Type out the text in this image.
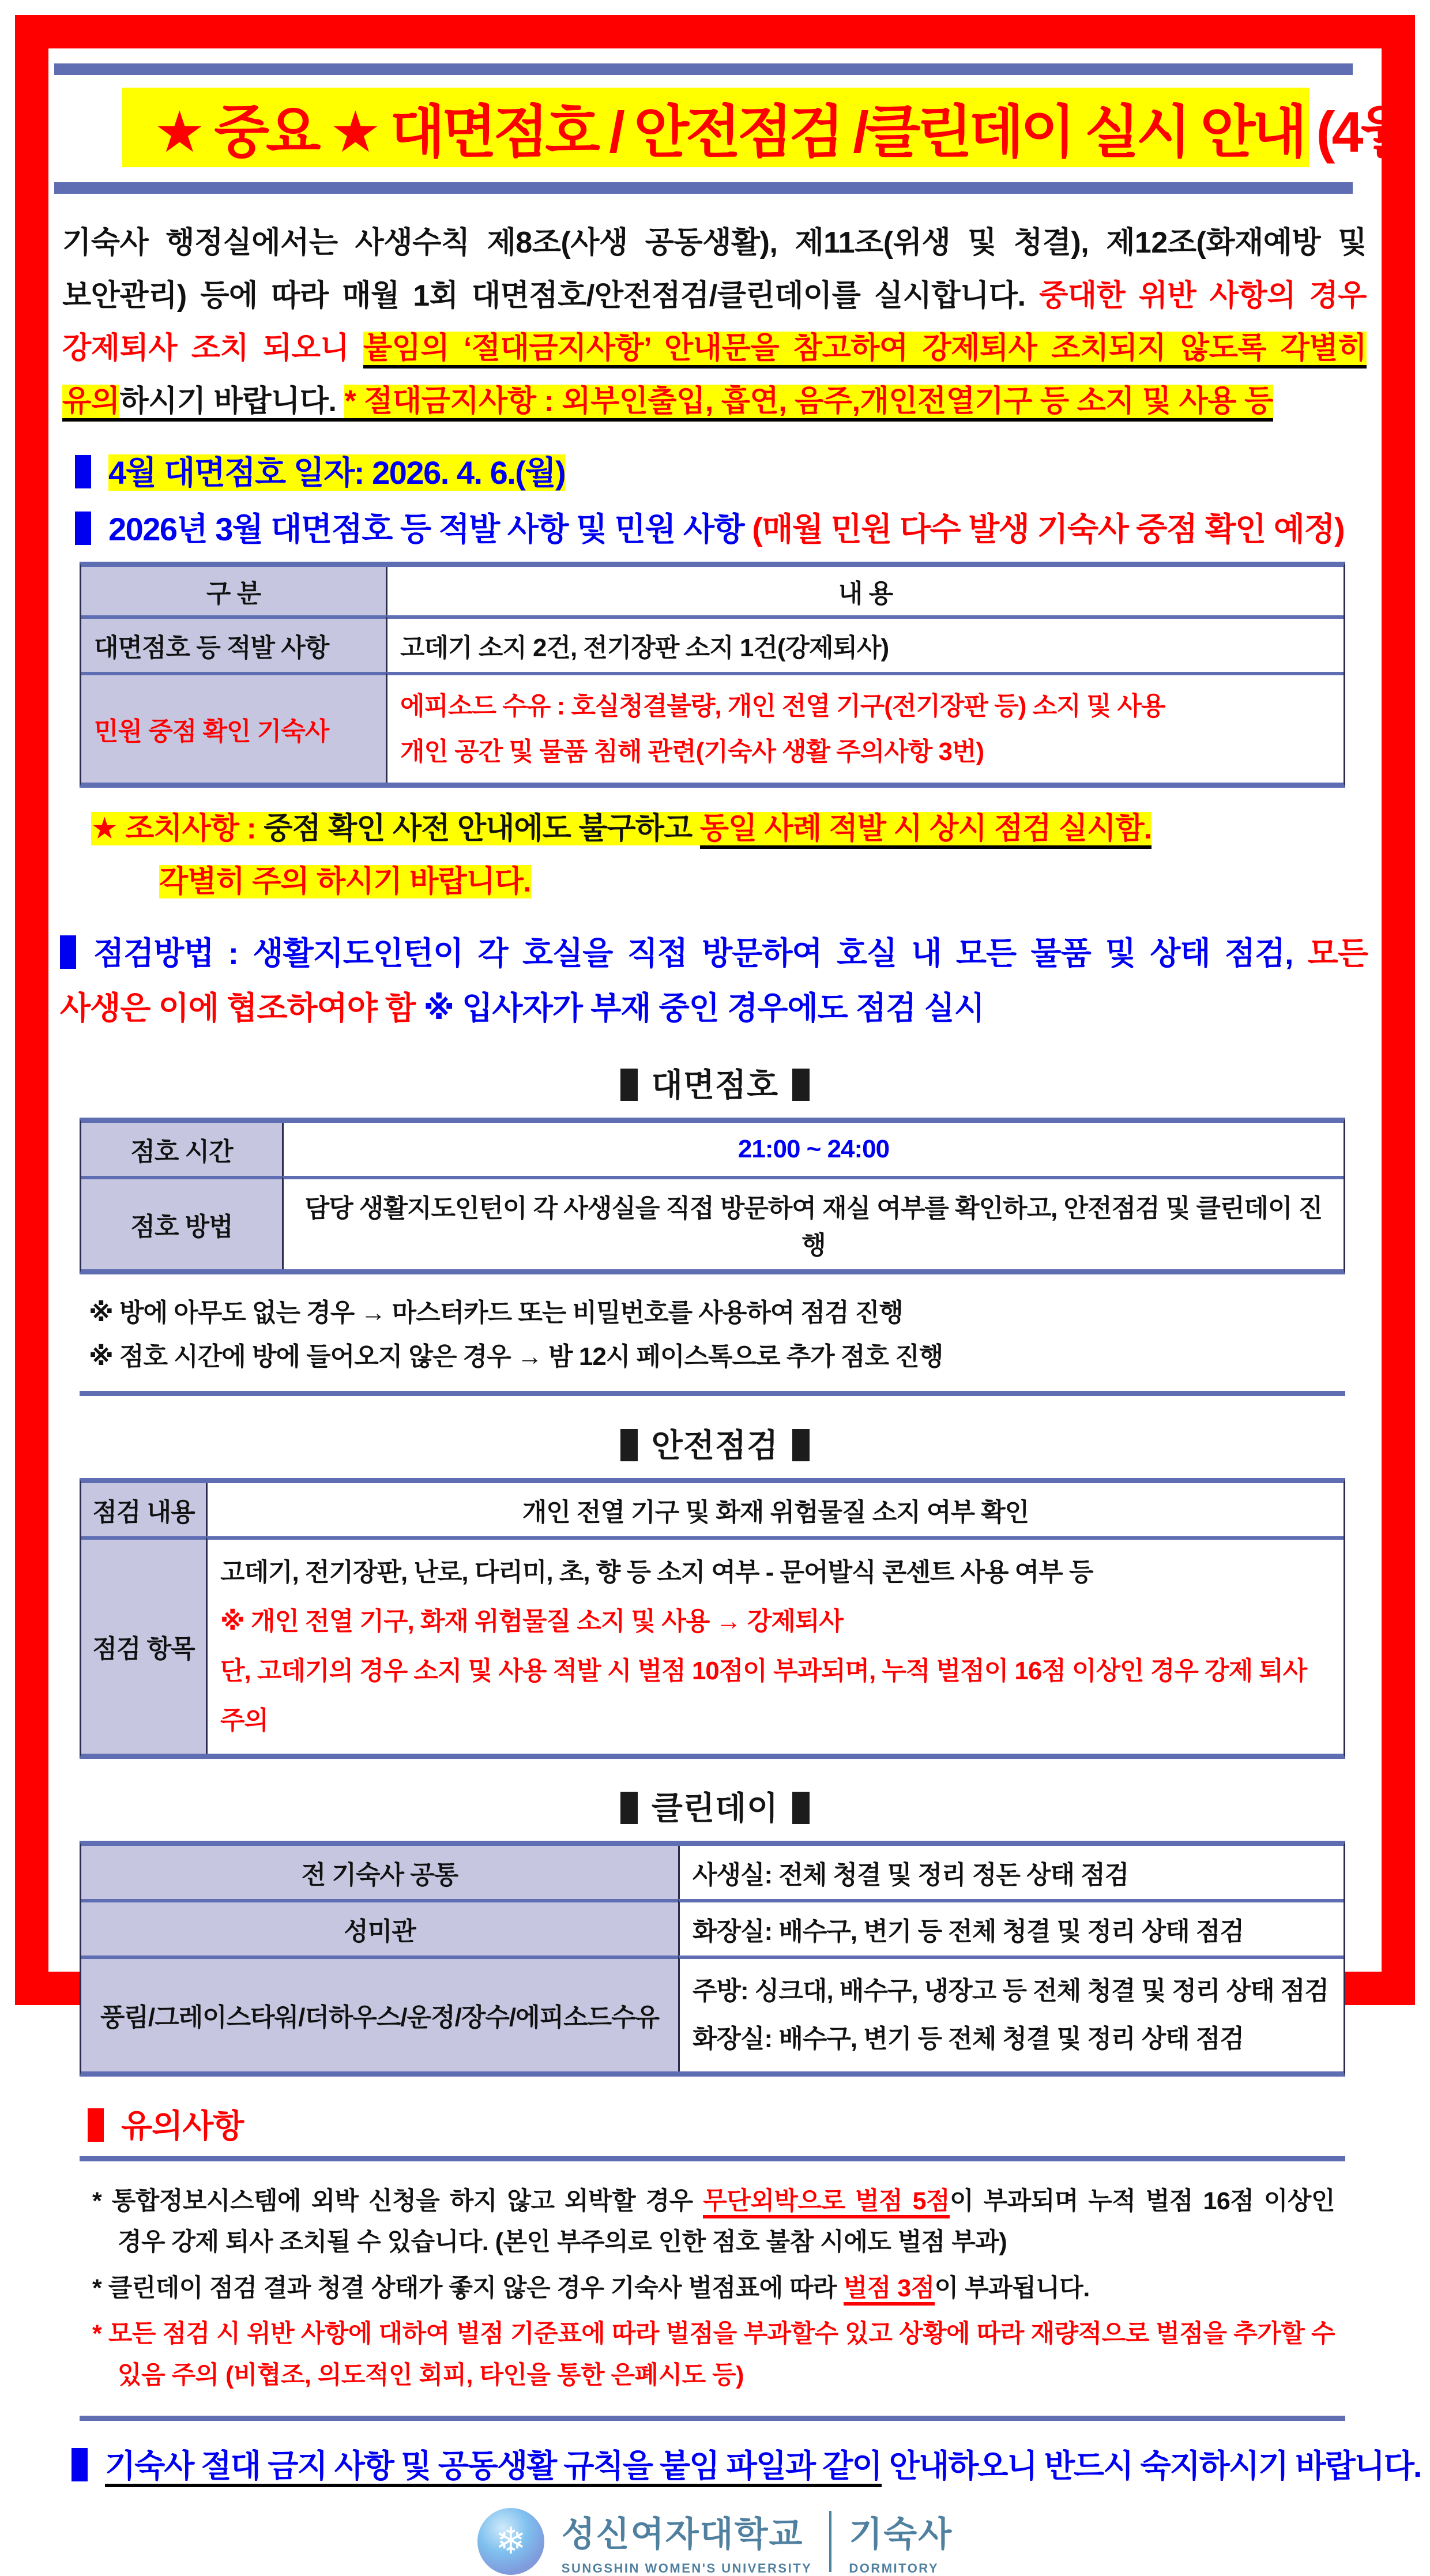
★ 중요 ★ 대면점호 / 안전점검 /클린데이 실시 안내 (4월

기숙사 행정실에서는 사생수칙 제8조(사생 공동생활), 제11조(위생 및 청결), 제12조(화재예방 및 보안관리) 등에 따라 매월 1회 대면점호/안전점검/클린데이를 실시합니다. 중대한 위반 사항의 경우 강제퇴사 조치 되오니 붙임의 ‘절대금지사항’ 안내문을 참고하여 강제퇴사 조치되지 않도록 각별히 유의하시기 바랍니다. * 절대금지사항 : 외부인출입, 흡연, 음주,개인전열기구 등 소지 및 사용 등

4월 대면점호 일자: 2026. 4. 6.(월)
2026년 3월 대면점호 등 적발 사항 및 민원 사항 (매월 민원 다수 발생 기숙사 중점 확인 예정)
구 분	내 용
대면점호 등 적발 사항	고데기 소지 2건, 전기장판 소지 1건(강제퇴사)
민원 중점 확인 기숙사	에피소드 수유 : 호실청결불량, 개인 전열 기구(전기장판 등) 소지 및 사용
개인 공간 및 물품 침해 관련(기숙사 생활 주의사항 3번)
★ 조치사항 : 중점 확인 사전 안내에도 불구하고 동일 사례 적발 시 상시 점검 실시함.
각별히 주의 하시기 바랍니다.
점검방법 : 생활지도인턴이 각 호실을 직접 방문하여 호실 내 모든 물품 및 상태 점검, 모든 사생은 이에 협조하여야 함 ※ 입사자가 부재 중인 경우에도 점검 실시
대면점호
점호 시간	21:00 ~ 24:00
점호 방법	담당 생활지도인턴이 각 사생실을 직접 방문하여 재실 여부를 확인하고, 안전점검 및 클린데이 진행
※ 방에 아무도 없는 경우 → 마스터카드 또는 비밀번호를 사용하여 점검 진행
※ 점호 시간에 방에 들어오지 않은 경우 → 밤 12시 페이스톡으로 추가 점호 진행
안전점검
점검 내용	개인 전열 기구 및 화재 위험물질 소지 여부 확인
점검 항목	고데기, 전기장판, 난로, 다리미, 초, 향 등 소지 여부 - 문어발식 콘센트 사용 여부 등
※ 개인 전열 기구, 화재 위험물질 소지 및 사용 → 강제퇴사
단, 고데기의 경우 소지 및 사용 적발 시 벌점 10점이 부과되며, 누적 벌점이 16점 이상인 경우 강제 퇴사 주의
클린데이
전 기숙사 공통	사생실: 전체 청결 및 정리 정돈 상태 점검
성미관	화장실: 배수구, 변기 등 전체 청결 및 정리 상태 점검
풍림/그레이스타워/더하우스/운정/장수/에피소드수유	주방: 싱크대, 배수구, 냉장고 등 전체 청결 및 정리 상태 점검
화장실: 배수구, 변기 등 전체 청결 및 정리 상태 점검
유의사항
* 통합정보시스템에 외박 신청을 하지 않고 외박할 경우 무단외박으로 벌점 5점이 부과되며 누적 벌점 16점 이상인 경우 강제 퇴사 조치될 수 있습니다. (본인 부주의로 인한 점호 불참 시에도 벌점 부과)
* 클린데이 점검 결과 청결 상태가 좋지 않은 경우 기숙사 벌점표에 따라 벌점 3점이 부과됩니다.
* 모든 점검 시 위반 사항에 대하여 벌점 기준표에 따라 벌점을 부과할수 있고 상황에 따라 재량적으로 벌점을 추가할 수 있음 주의 (비협조, 의도적인 회피, 타인을 통한 은폐시도 등)
기숙사 절대 금지 사항 및 공동생활 규칙을 붙임 파일과 같이 안내하오니 반드시 숙지하시기 바랍니다.
❄ 성신여자대학교
SUNGSHIN WOMEN'S UNIVERSITY
기숙사
DORMITORY
